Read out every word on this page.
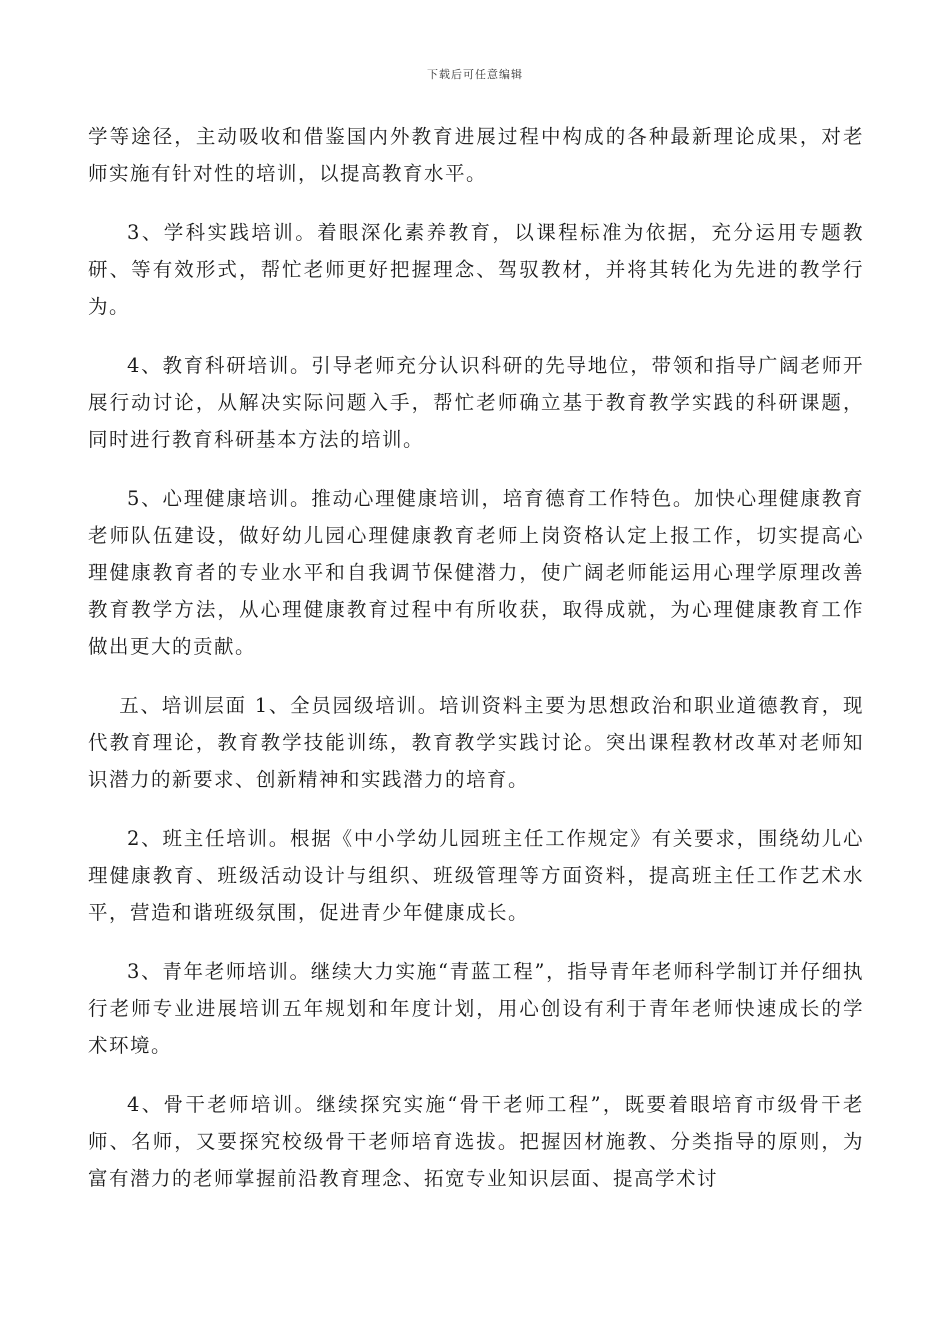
下载后可任意编辑

学等途径，主动吸收和借鉴国内外教育进展过程中构成的各种最新理论成果，对老师实施有针对性的培训，以提高教育水平。

3、学科实践培训。着眼深化素养教育，以课程标准为依据，充分运用专题教研、等有效形式，帮忙老师更好把握理念、驾驭教材，并将其转化为先进的教学行为。

4、教育科研培训。引导老师充分认识科研的先导地位，带领和指导广阔老师开展行动讨论，从解决实际问题入手，帮忙老师确立基于教育教学实践的科研课题，同时进行教育科研基本方法的培训。

5、心理健康培训。推动心理健康培训，培育德育工作特色。加快心理健康教育老师队伍建设，做好幼儿园心理健康教育老师上岗资格认定上报工作，切实提高心理健康教育者的专业水平和自我调节保健潜力，使广阔老师能运用心理学原理改善教育教学方法，从心理健康教育过程中有所收获，取得成就，为心理健康教育工作做出更大的贡献。

五、培训层面 1、全员园级培训。培训资料主要为思想政治和职业道德教育，现代教育理论，教育教学技能训练，教育教学实践讨论。突出课程教材改革对老师知识潜力的新要求、创新精神和实践潜力的培育。

2、班主任培训。根据《中小学幼儿园班主任工作规定》有关要求，围绕幼儿心理健康教育、班级活动设计与组织、班级管理等方面资料，提高班主任工作艺术水平，营造和谐班级氛围，促进青少年健康成长。

3、青年老师培训。继续大力实施“青蓝工程”，指导青年老师科学制订并仔细执行老师专业进展培训五年规划和年度计划，用心创设有利于青年老师快速成长的学术环境。

4、骨干老师培训。继续探究实施“骨干老师工程”，既要着眼培育市级骨干老师、名师，又要探究校级骨干老师培育选拔。把握因材施教、分类指导的原则，为富有潜力的老师掌握前沿教育理念、拓宽专业知识层面、提高学术讨
